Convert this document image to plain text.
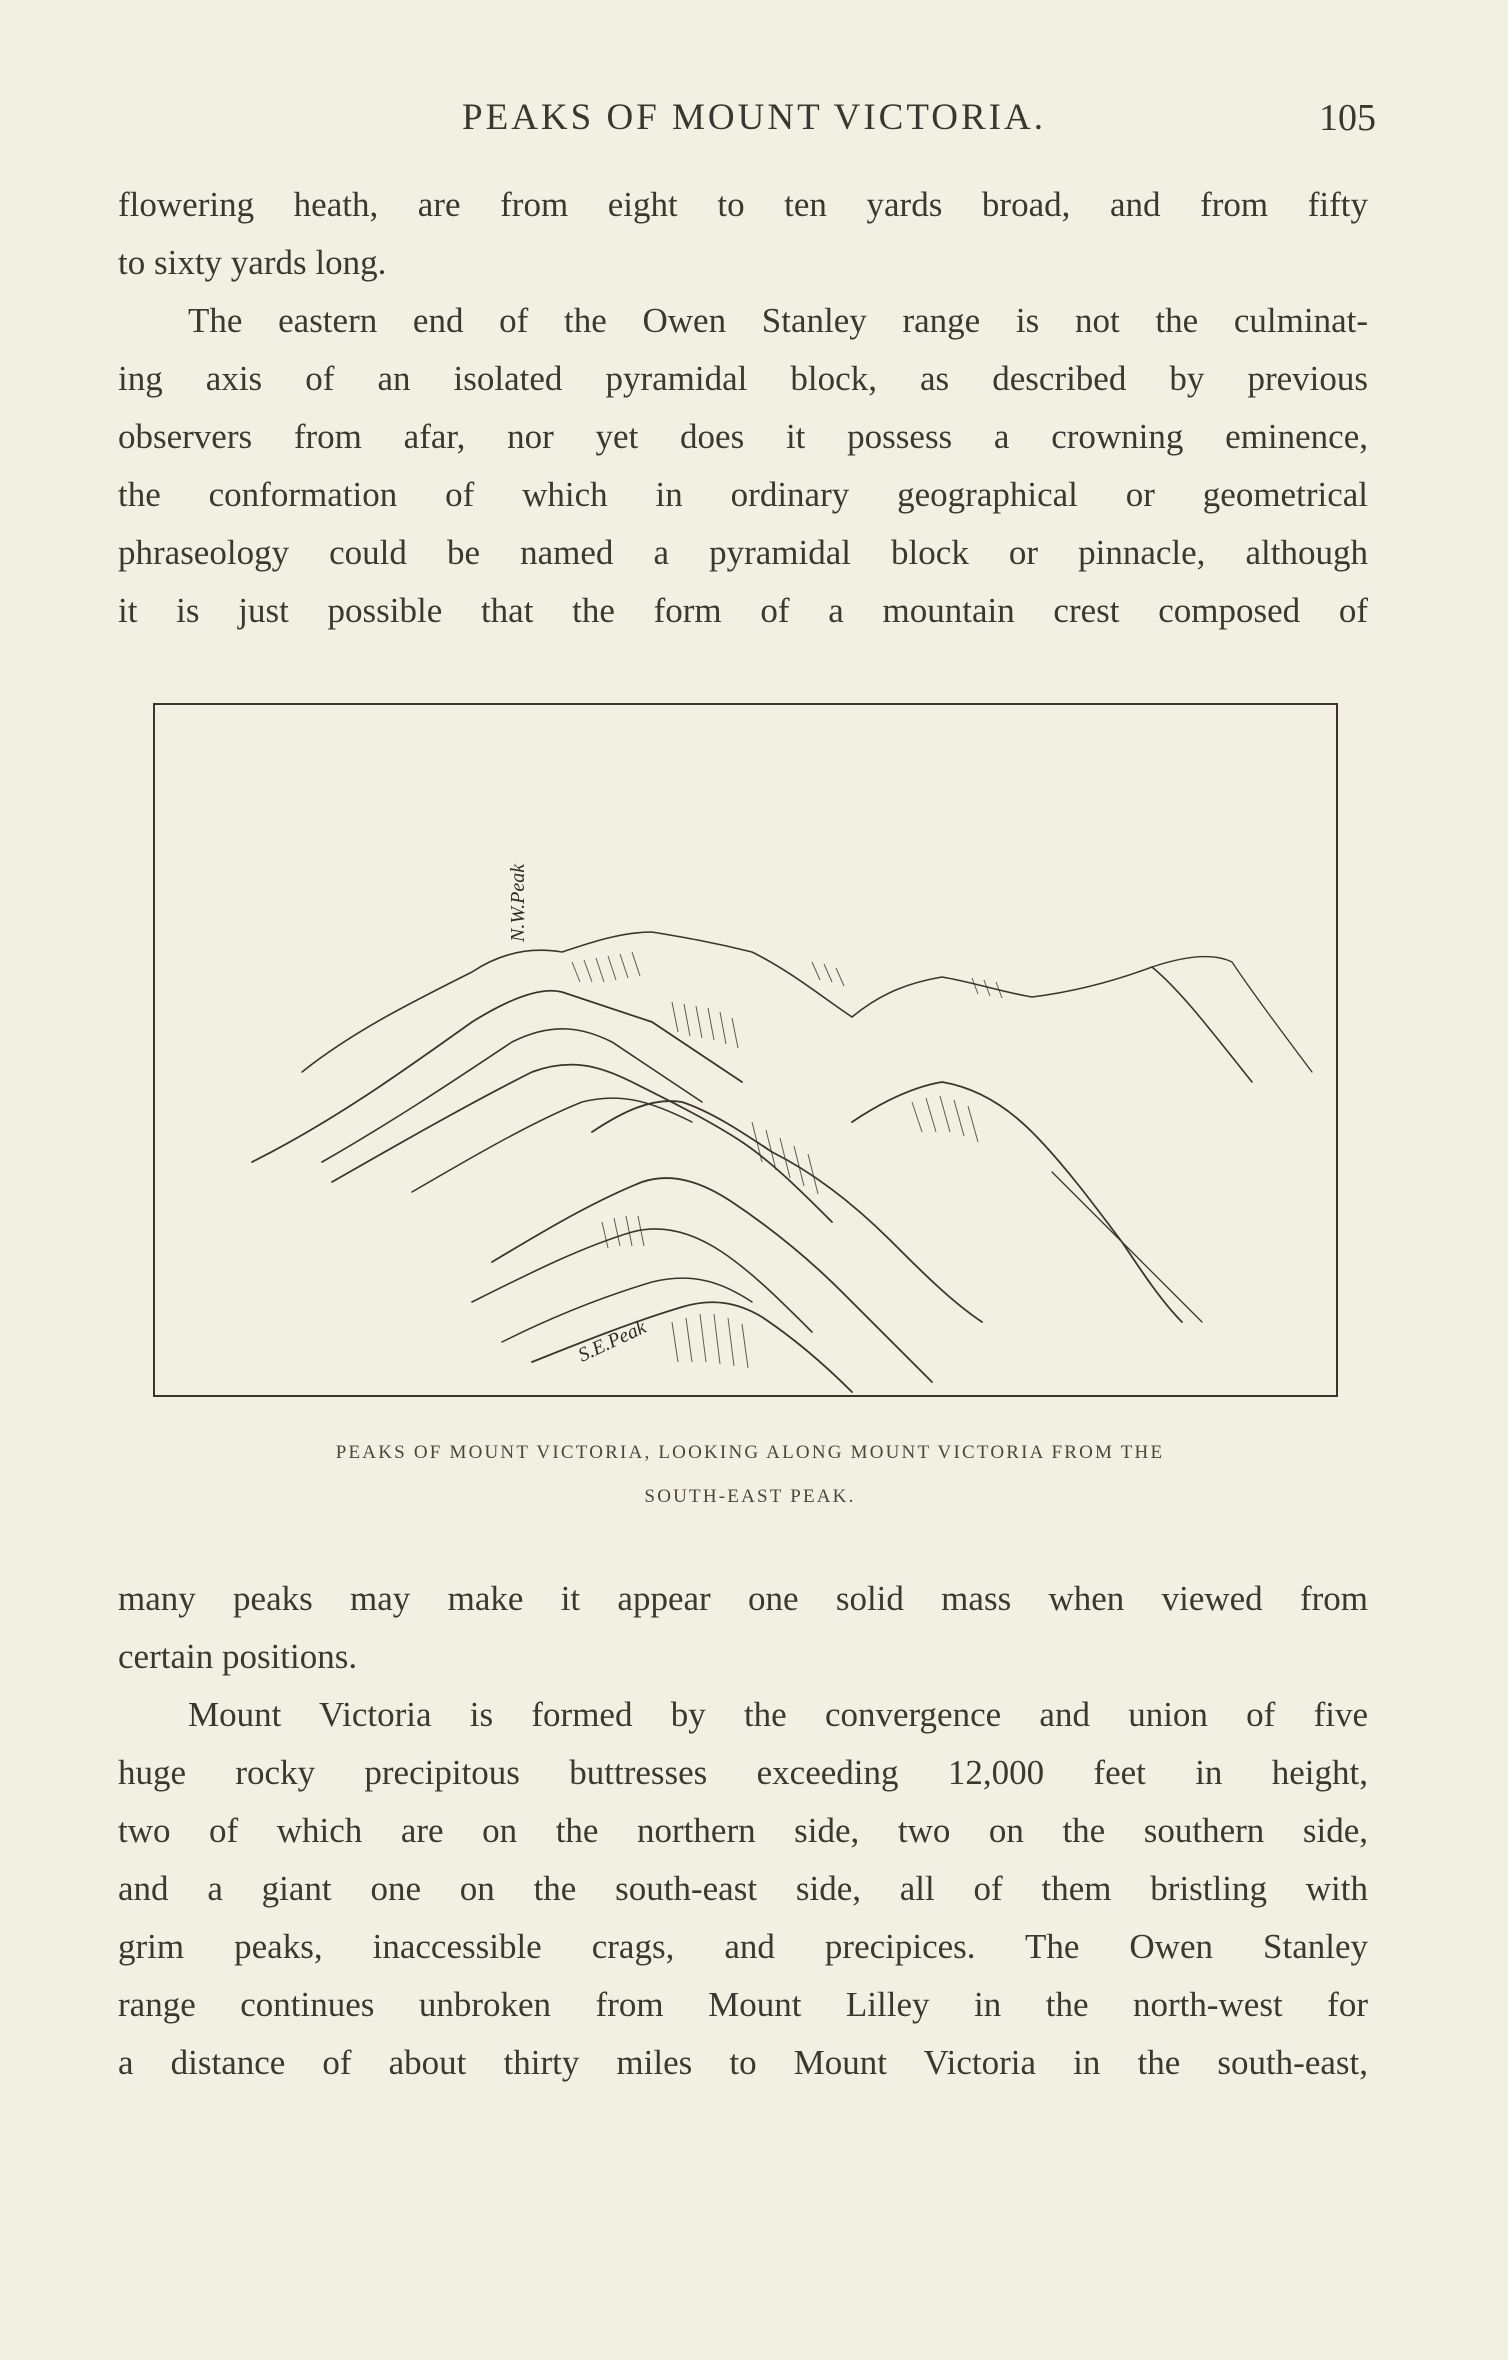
PEAKS OF MOUNT VICTORIA.	105
flowering heath, are from eight to ten yards broad, and from fifty
to sixty yards long.
The eastern end of the Owen Stanley range is not the culminat-
ing axis of an isolated pyramidal block, as described by previous
observers from afar, nor yet does it possess a crowning eminence,
the conformation of which in ordinary geographical or geometrical
phraseology could be named a pyramidal block or pinnacle, although
it is just possible that the form of a mountain crest composed of
N.W.Peak
S.E.Peak
PEAKS OF MOUNT VICTORIA, LOOKING ALONG MOUNT VICTORIA FROM THE
SOUTH-EAST PEAK.
many peaks may make it appear one solid mass when viewed from
certain positions.
Mount Victoria is formed by the convergence and union of five
huge rocky precipitous buttresses exceeding 12,000 feet in height,
two of which are on the northern side, two on the southern side,
and a giant one on the south-east side, all of them bristling with
grim peaks, inaccessible crags, and precipices. The Owen Stanley
range continues unbroken from Mount Lilley in the north-west for
a distance of about thirty miles to Mount Victoria in the south-east,
